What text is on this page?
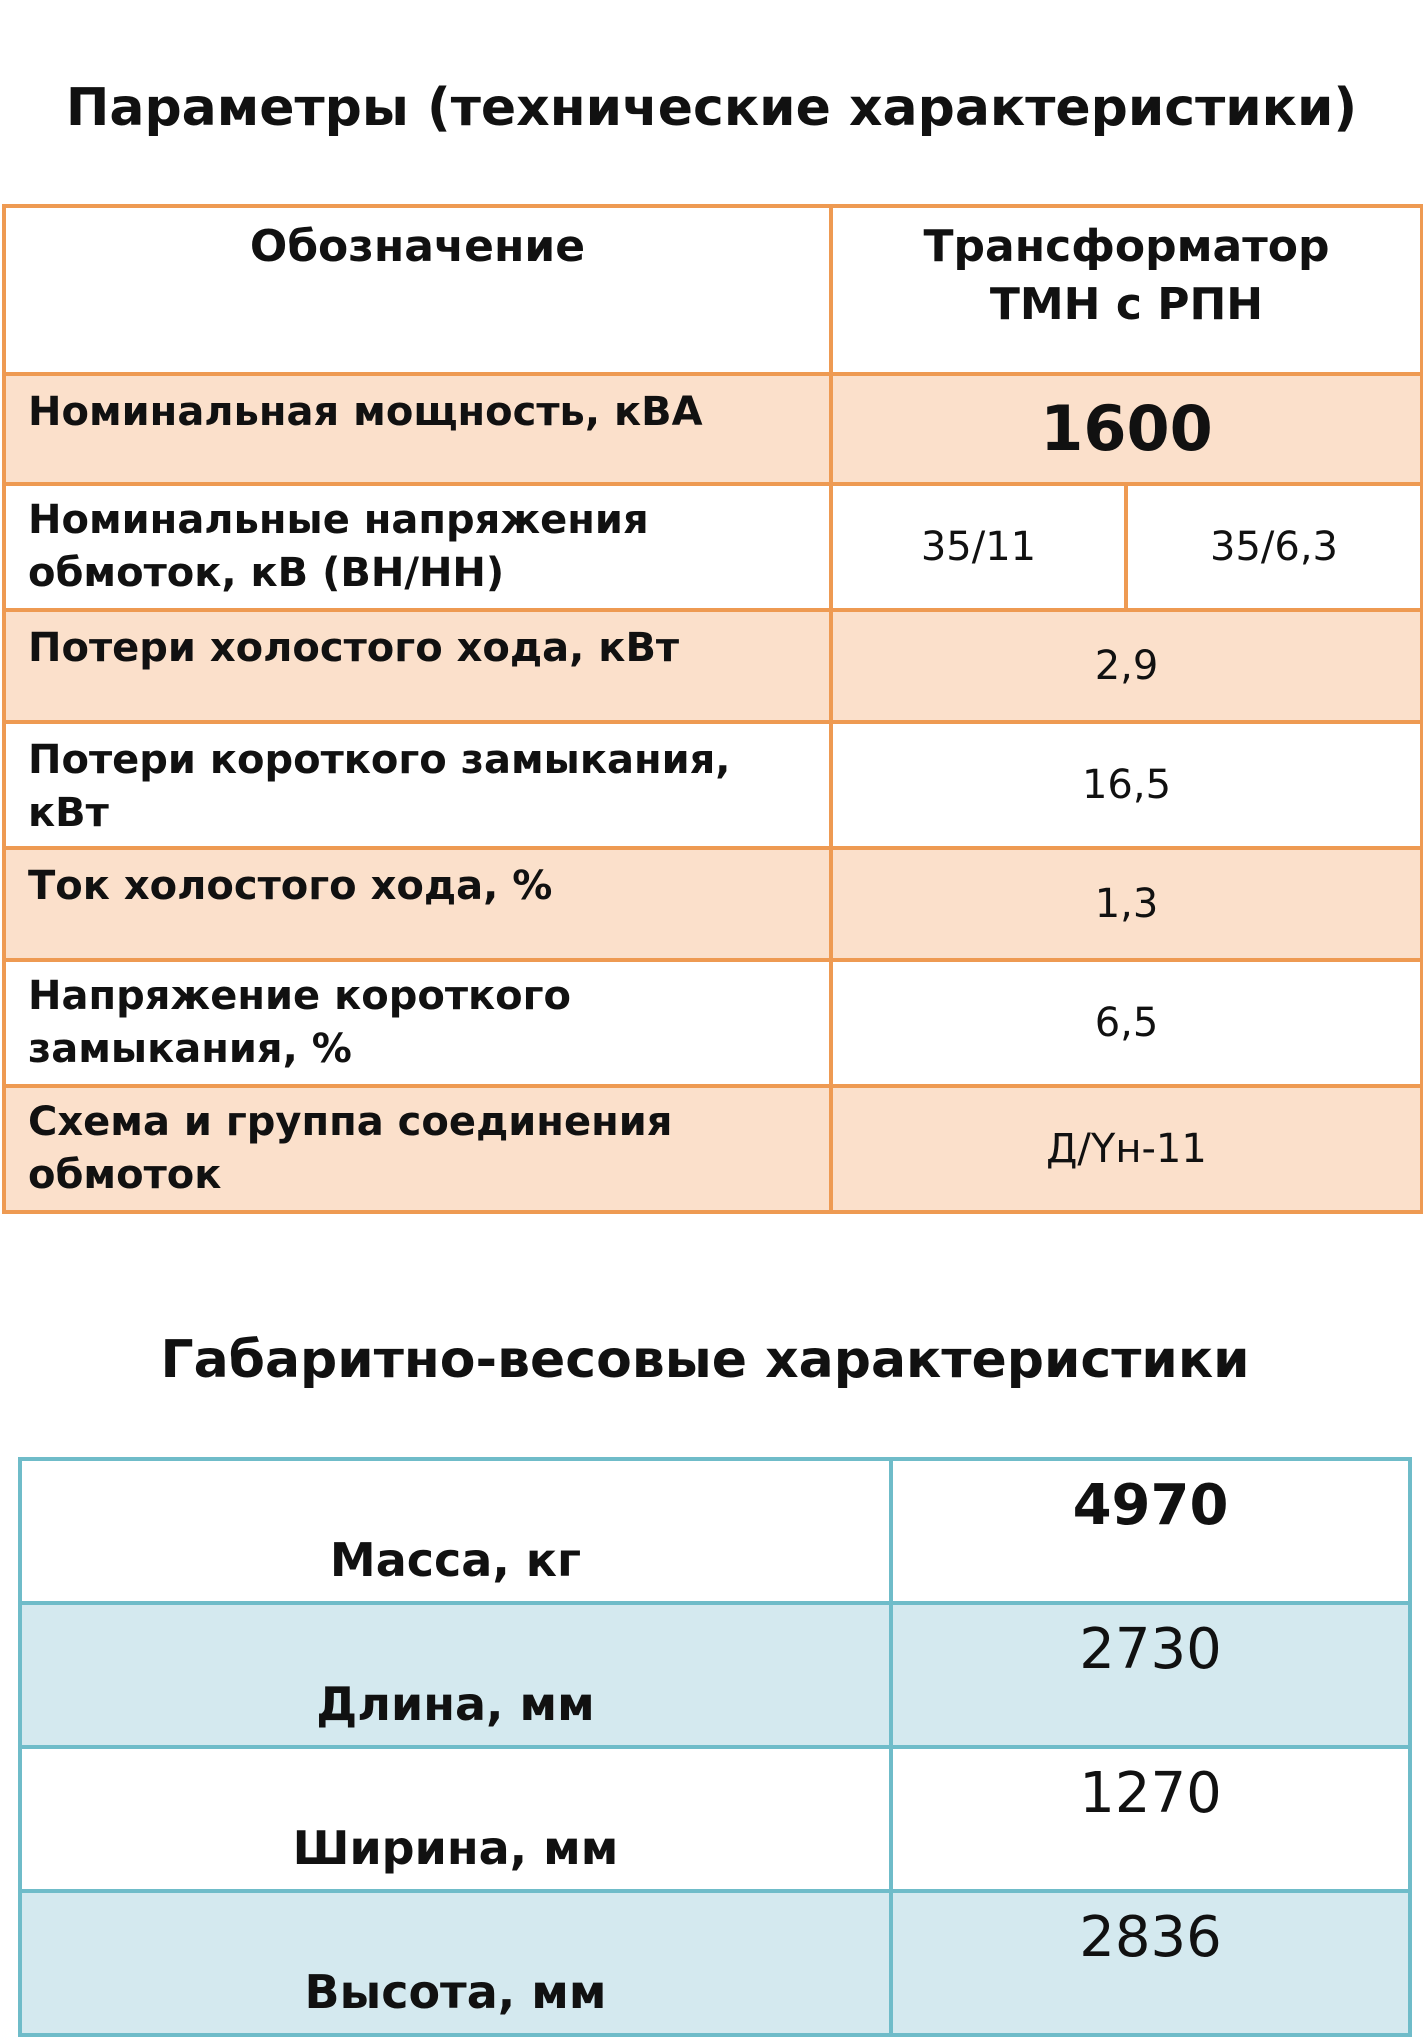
Параметры (технические характеристики)
Обозначение	Трансформатор
ТМН с РПН	

Номинальная мощность, кВА	1600	

Номинальные напряжения
обмоток, кВ (ВН/НН)	35/11	35/6,3
Потери холостого хода, кВт	2,9	
Потери короткого замыкания, кВт	16,5	
Ток холостого хода, %	1,3	

Напряжение короткого
замыкания, %	6,5	

Схема и группа соединения
обмоток	Д/Yн-11	
Габаритно-весовые характеристики
Масса, кг	4970
Длина, мм	2730
Ширина, мм	1270
Высота, мм	2836
